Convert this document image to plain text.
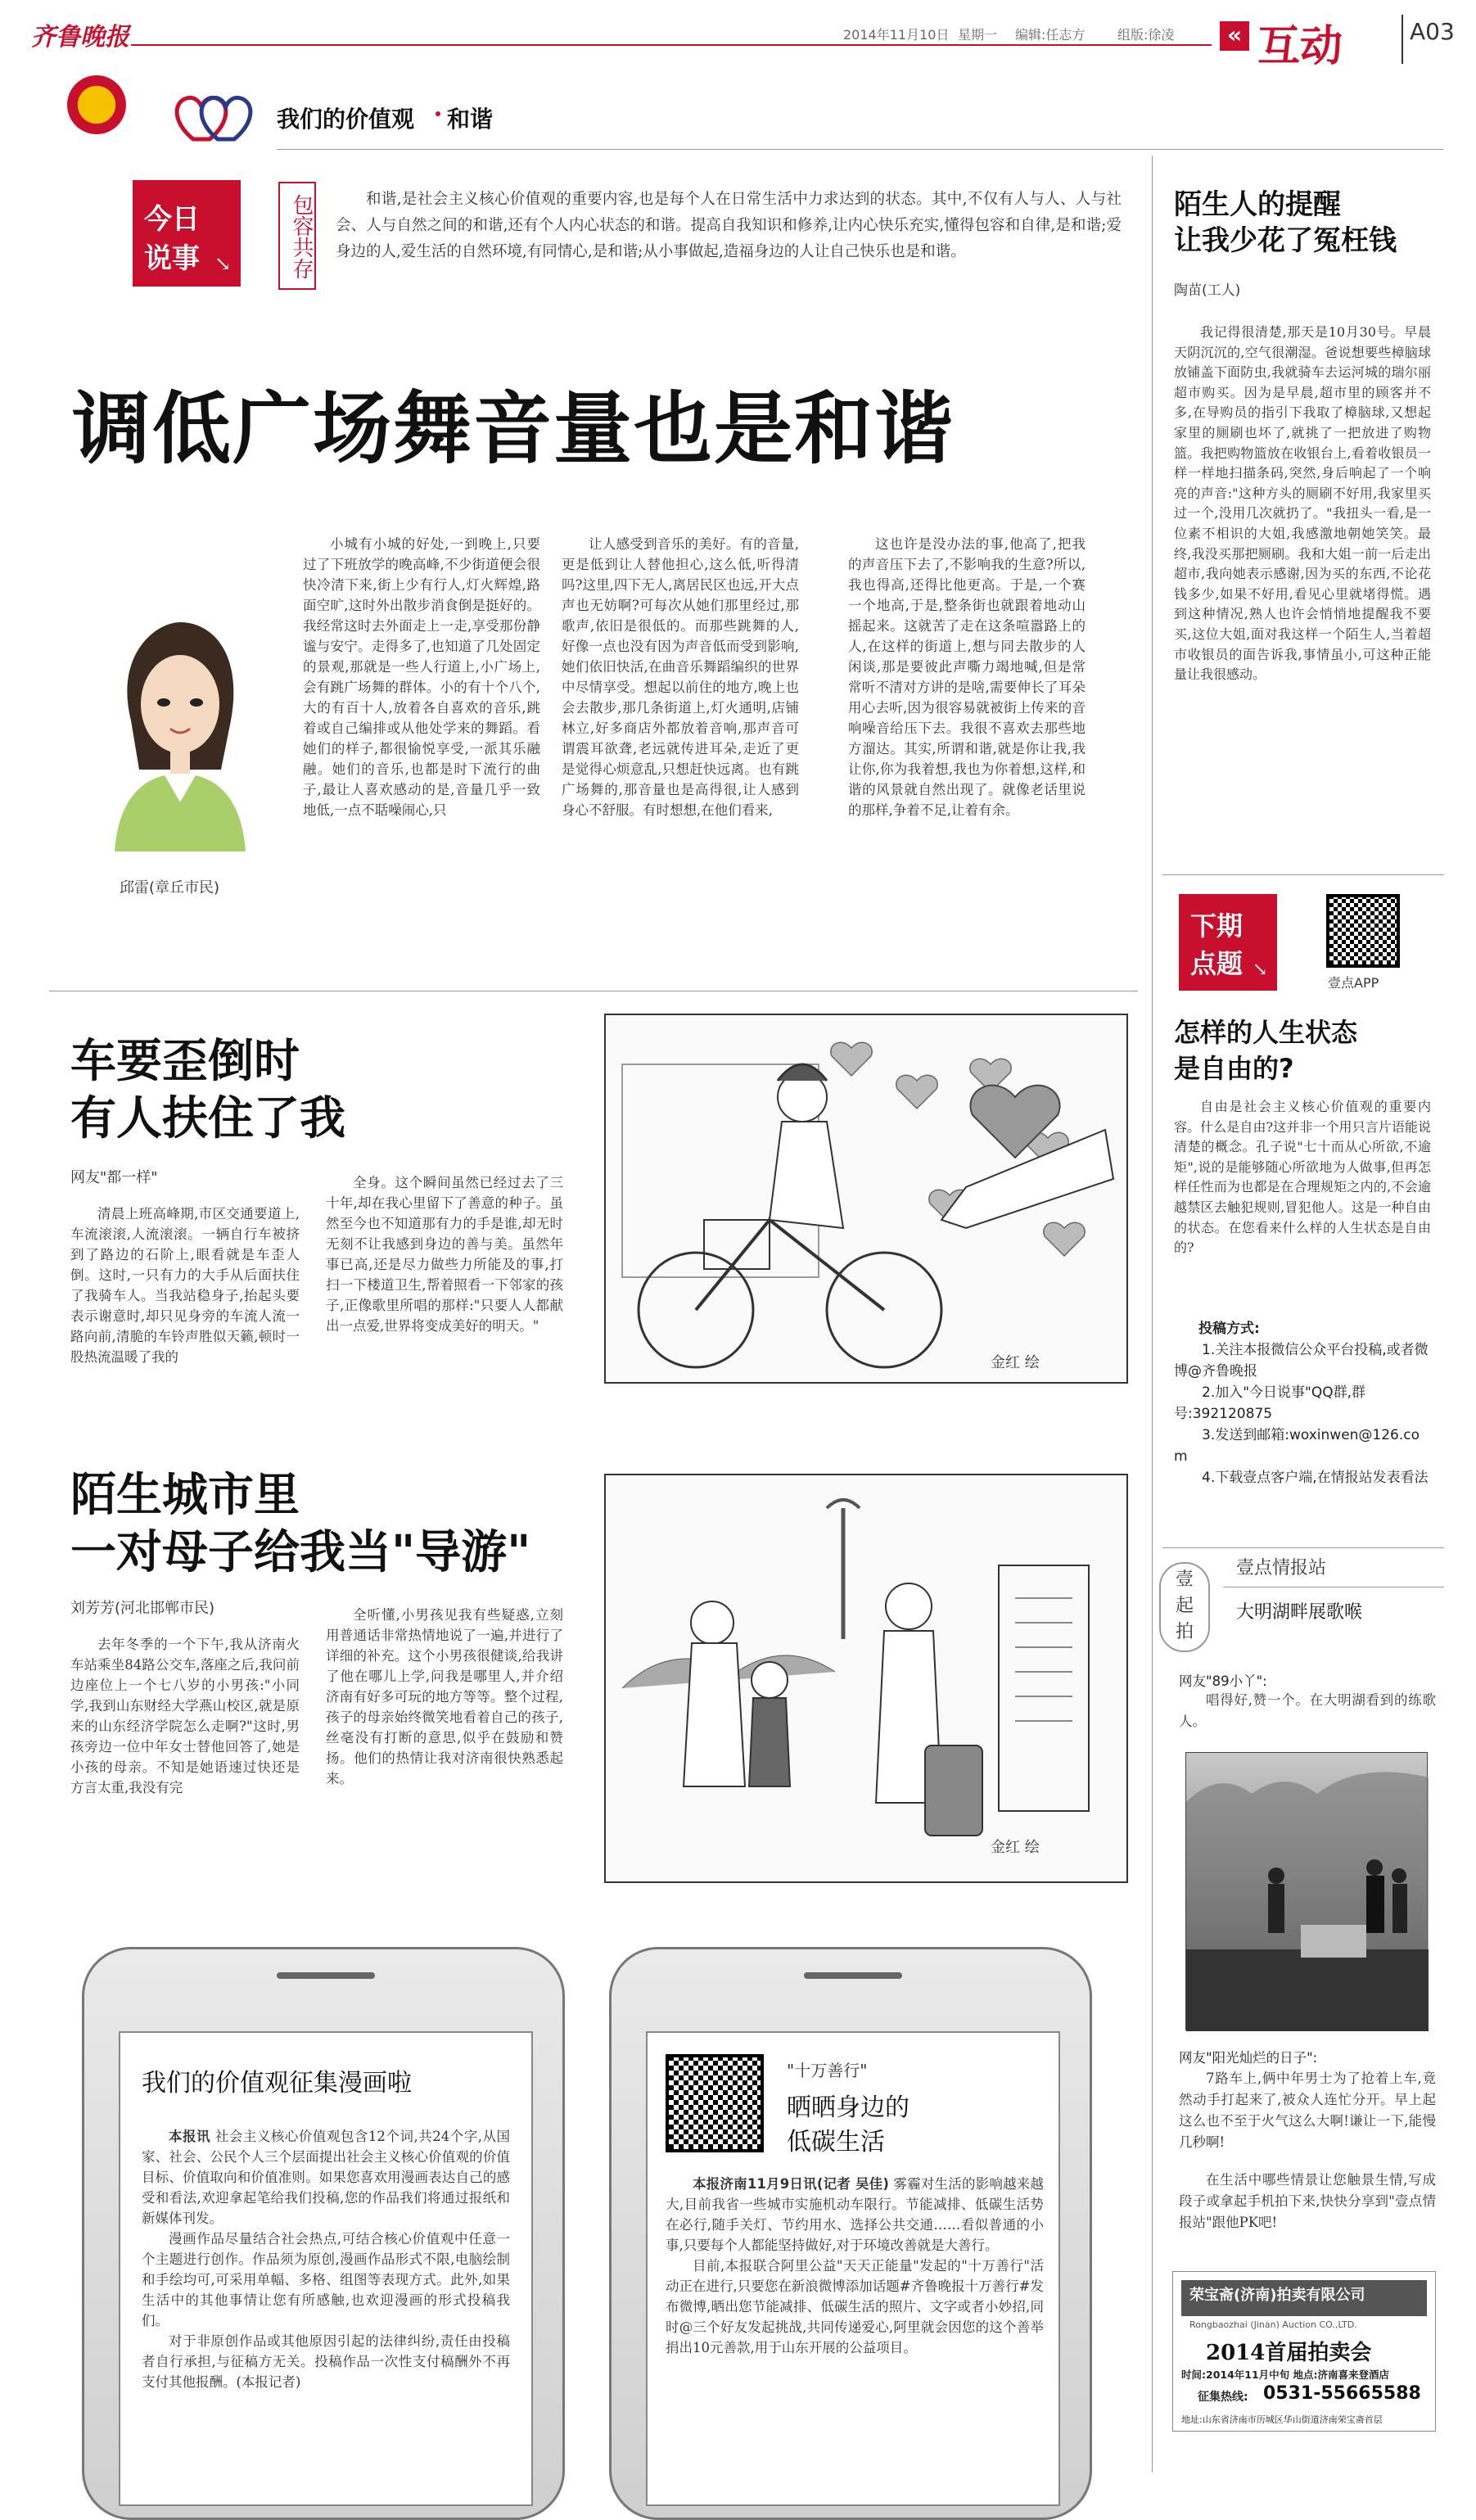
齐鲁晚报	2014年11月10日 星期一 编辑:任志方 组版:徐凌	« 互动	A03
我们的价值观 和谐
今日
说事 ↘	包容共存	和谐,是社会主义核心价值观的重要内容,也是每个人在日常生活中力求达到的状态。其中,不仅有人与人、人与社会、人与自然之间的和谐,还有个人内心状态的和谐。提高自我知识和修养,让内心快乐充实,懂得包容和自律,是和谐;爱身边的人,爱生活的自然环境,有同情心,是和谐;从小事做起,造福身边的人让自己快乐也是和谐。
调低广场舞音量也是和谐
邱雷(章丘市民)
小城有小城的好处,一到晚上,只要过了下班放学的晚高峰,不少街道便会很快冷清下来,街上少有行人,灯火辉煌,路面空旷,这时外出散步消食倒是挺好的。我经常这时去外面走上一走,享受那份静谧与安宁。走得多了,也知道了几处固定的景观,那就是一些人行道上,小广场上,会有跳广场舞的群体。小的有十个八个,大的有百十人,放着各自喜欢的音乐,跳着或自己编排或从他处学来的舞蹈。看她们的样子,都很愉悦享受,一派其乐融融。她们的音乐,也都是时下流行的曲子,最让人喜欢感动的是,音量几乎一致地低,一点不聒噪闹心,只
让人感受到音乐的美好。有的音量,更是低到让人替他担心,这么低,听得清吗?这里,四下无人,离居民区也远,开大点声也无妨啊?可每次从她们那里经过,那歌声,依旧是很低的。而那些跳舞的人,好像一点也没有因为声音低而受到影响,她们依旧快活,在曲音乐舞蹈编织的世界中尽情享受。想起以前住的地方,晚上也会去散步,那几条街道上,灯火通明,店铺林立,好多商店外都放着音响,那声音可谓震耳欲聋,老远就传进耳朵,走近了更是觉得心烦意乱,只想赶快远离。也有跳广场舞的,那音量也是高得很,让人感到身心不舒服。有时想想,在他们看来,
这也许是没办法的事,他高了,把我的声音压下去了,不影响我的生意?所以,我也得高,还得比他更高。于是,一个赛一个地高,于是,整条街也就跟着地动山摇起来。这就苦了走在这条喧嚣路上的人,在这样的街道上,想与同去散步的人闲谈,那是要彼此声嘶力竭地喊,但是常常听不清对方讲的是啥,需要伸长了耳朵用心去听,因为很容易就被街上传来的音响噪音给压下去。我很不喜欢去那些地方溜达。其实,所谓和谐,就是你让我,我让你,你为我着想,我也为你着想,这样,和谐的风景就自然出现了。就像老话里说的那样,争着不足,让着有余。
车要歪倒时
有人扶住了我
网友"都一样"
清晨上班高峰期,市区交通要道上,车流滚滚,人流滚滚。一辆自行车被挤到了路边的石阶上,眼看就是车歪人倒。这时,一只有力的大手从后面扶住了我骑车人。当我站稳身子,抬起头要表示谢意时,却只见身旁的车流人流一路向前,清脆的车铃声胜似天籁,顿时一股热流温暖了我的
全身。这个瞬间虽然已经过去了三十年,却在我心里留下了善意的种子。虽然至今也不知道那有力的手是谁,却无时无刻不让我感到身边的善与美。虽然年事已高,还是尽力做些力所能及的事,打扫一下楼道卫生,帮着照看一下邻家的孩子,正像歌里所唱的那样:"只要人人都献出一点爱,世界将变成美好的明天。"
金红 绘
陌生城市里
一对母子给我当"导游"
刘芳芳(河北邯郸市民)
去年冬季的一个下午,我从济南火车站乘坐84路公交车,落座之后,我问前边座位上一个七八岁的小男孩:"小同学,我到山东财经大学燕山校区,就是原来的山东经济学院怎么走啊?"这时,男孩旁边一位中年女士替他回答了,她是小孩的母亲。不知是她语速过快还是方言太重,我没有完
全听懂,小男孩见我有些疑惑,立刻用普通话非常热情地说了一遍,并进行了详细的补充。这个小男孩很健谈,给我讲了他在哪儿上学,问我是哪里人,并介绍济南有好多可玩的地方等等。整个过程,孩子的母亲始终微笑地看着自己的孩子,丝毫没有打断的意思,似乎在鼓励和赞扬。他们的热情让我对济南很快熟悉起来。
金红 绘
我们的价值观征集漫画啦

本报讯 社会主义核心价值观包含12个词,共24个字,从国家、社会、公民个人三个层面提出社会主义核心价值观的价值目标、价值取向和价值准则。如果您喜欢用漫画表达自己的感受和看法,欢迎拿起笔给我们投稿,您的作品我们将通过报纸和新媒体刊发。

漫画作品尽量结合社会热点,可结合核心价值观中任意一个主题进行创作。作品须为原创,漫画作品形式不限,电脑绘制和手绘均可,可采用单幅、多格、组图等表现方式。此外,如果生活中的其他事情让您有所感触,也欢迎漫画的形式投稿我们。

对于非原创作品或其他原因引起的法律纠纷,责任由投稿者自行承担,与征稿方无关。投稿作品一次性支付稿酬外不再支付其他报酬。(本报记者)

"十万善行"
晒晒身边的
低碳生活

本报济南11月9日讯(记者 吴佳) 雾霾对生活的影响越来越大,目前我省一些城市实施机动车限行。节能减排、低碳生活势在必行,随手关灯、节约用水、选择公共交通……看似普通的小事,只要每个人都能坚持做好,对于环境改善就是大善行。

目前,本报联合阿里公益"天天正能量"发起的"十万善行"活动正在进行,只要您在新浪微博添加话题#齐鲁晚报十万善行#发布微博,晒出您节能减排、低碳生活的照片、文字或者小妙招,同时@三个好友发起挑战,共同传递爱心,阿里就会因您的这个善举捐出10元善款,用于山东开展的公益项目。

陌生人的提醒
让我少花了冤枉钱
陶苗(工人)
我记得很清楚,那天是10月30号。早晨天阴沉沉的,空气很潮湿。爸说想要些樟脑球放铺盖下面防虫,我就骑车去运河城的瑞尔丽超市购买。因为是早晨,超市里的顾客并不多,在导购员的指引下我取了樟脑球,又想起家里的厕刷也坏了,就挑了一把放进了购物篮。我把购物篮放在收银台上,看着收银员一样一样地扫描条码,突然,身后响起了一个响亮的声音:"这种方头的厕刷不好用,我家里买过一个,没用几次就扔了。"我扭头一看,是一位素不相识的大姐,我感激地朝她笑笑。最终,我没买那把厕刷。我和大姐一前一后走出超市,我向她表示感谢,因为买的东西,不论花钱多少,如果不好用,看见心里就堵得慌。遇到这种情况,熟人也许会悄悄地提醒我不要买,这位大姐,面对我这样一个陌生人,当着超市收银员的面告诉我,事情虽小,可这种正能量让我很感动。
下期
点题 ↘
壹点APP
怎样的人生状态
是自由的?
自由是社会主义核心价值观的重要内容。什么是自由?这并非一个用只言片语能说清楚的概念。孔子说"七十而从心所欲,不逾矩",说的是能够随心所欲地为人做事,但再怎样任性而为也都是在合理规矩之内的,不会逾越禁区去触犯规则,冒犯他人。这是一种自由的状态。在您看来什么样的人生状态是自由的?
投稿方式:
1.关注本报微信公众平台投稿,或者微博@齐鲁晚报
2.加入"今日说事"QQ群,群号:392120875
3.发送到邮箱:woxinwen@126.com
4.下载壹点客户端,在情报站发表看法
壹
起
拍
壹点情报站
大明湖畔展歌喉
网友"89小丫":
唱得好,赞一个。在大明湖看到的练歌人。
网友"阳光灿烂的日子":
7路车上,俩中年男士为了抢着上车,竟然动手打起来了,被众人连忙分开。早上起这么也不至于火气这么大啊!谦让一下,能慢几秒啊!
在生活中哪些情景让您触景生情,写成段子或拿起手机拍下来,快快分享到"壹点情报站"跟他PK吧!
荣宝斋(济南)拍卖有限公司
Rongbaozhai (Jinan) Auction CO.,LTD.
2014首届拍卖会
时间:2014年11月中旬 地点:济南喜来登酒店
征集热线: 0531-55665588
地址:山东省济南市历城区华山街道济南荣宝斋首层
